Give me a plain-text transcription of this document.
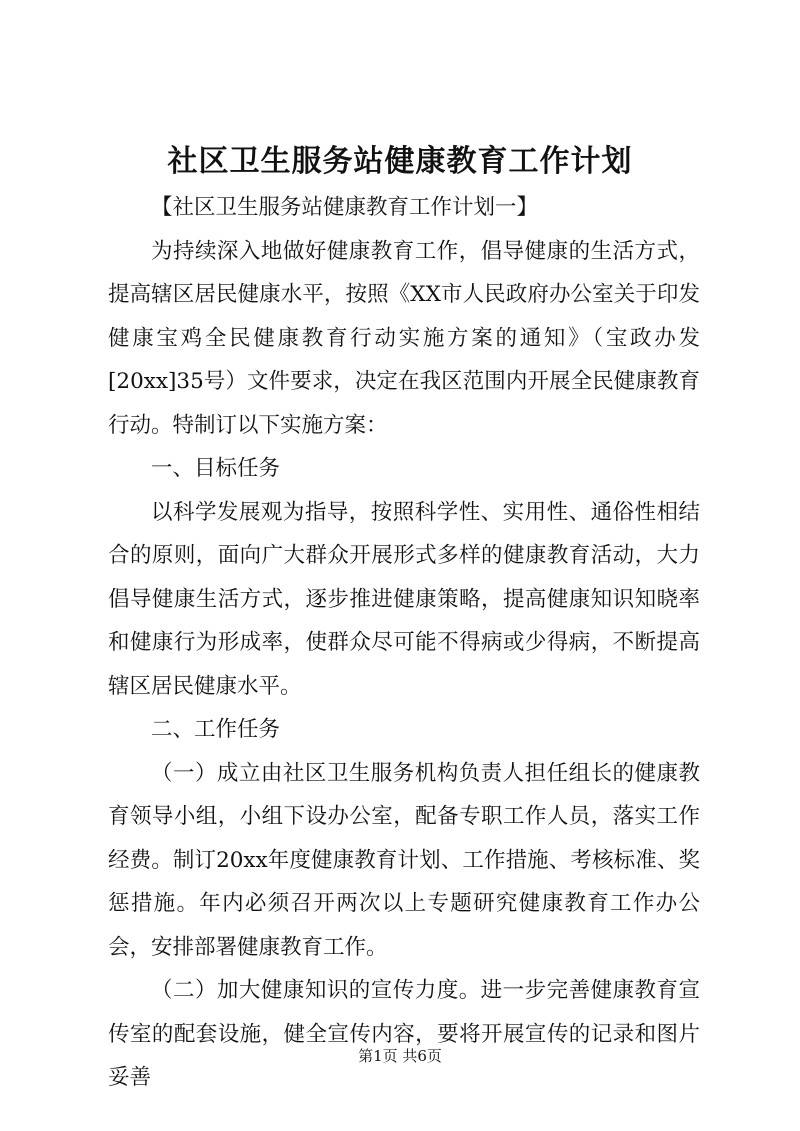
社区卫生服务站健康教育工作计划

【社区卫生服务站健康教育工作计划一】

为持续深入地做好健康教育工作，倡导健康的生活方式，提高辖区居民健康水平，按照《XX市人民政府办公室关于印发健康宝鸡全民健康教育行动实施方案的通知》（宝政办发[20xx]35号）文件要求，决定在我区范围内开展全民健康教育行动。特制订以下实施方案：

一、目标任务

以科学发展观为指导，按照科学性、实用性、通俗性相结合的原则，面向广大群众开展形式多样的健康教育活动，大力倡导健康生活方式，逐步推进健康策略，提高健康知识知晓率和健康行为形成率，使群众尽可能不得病或少得病，不断提高辖区居民健康水平。

二、工作任务

（一）成立由社区卫生服务机构负责人担任组长的健康教育领导小组，小组下设办公室，配备专职工作人员，落实工作经费。制订20xx年度健康教育计划、工作措施、考核标准、奖惩措施。年内必须召开两次以上专题研究健康教育工作办公会，安排部署健康教育工作。

（二）加大健康知识的宣传力度。进一步完善健康教育宣传室的配套设施，健全宣传内容，要将开展宣传的记录和图片妥善

第1页 共6页
